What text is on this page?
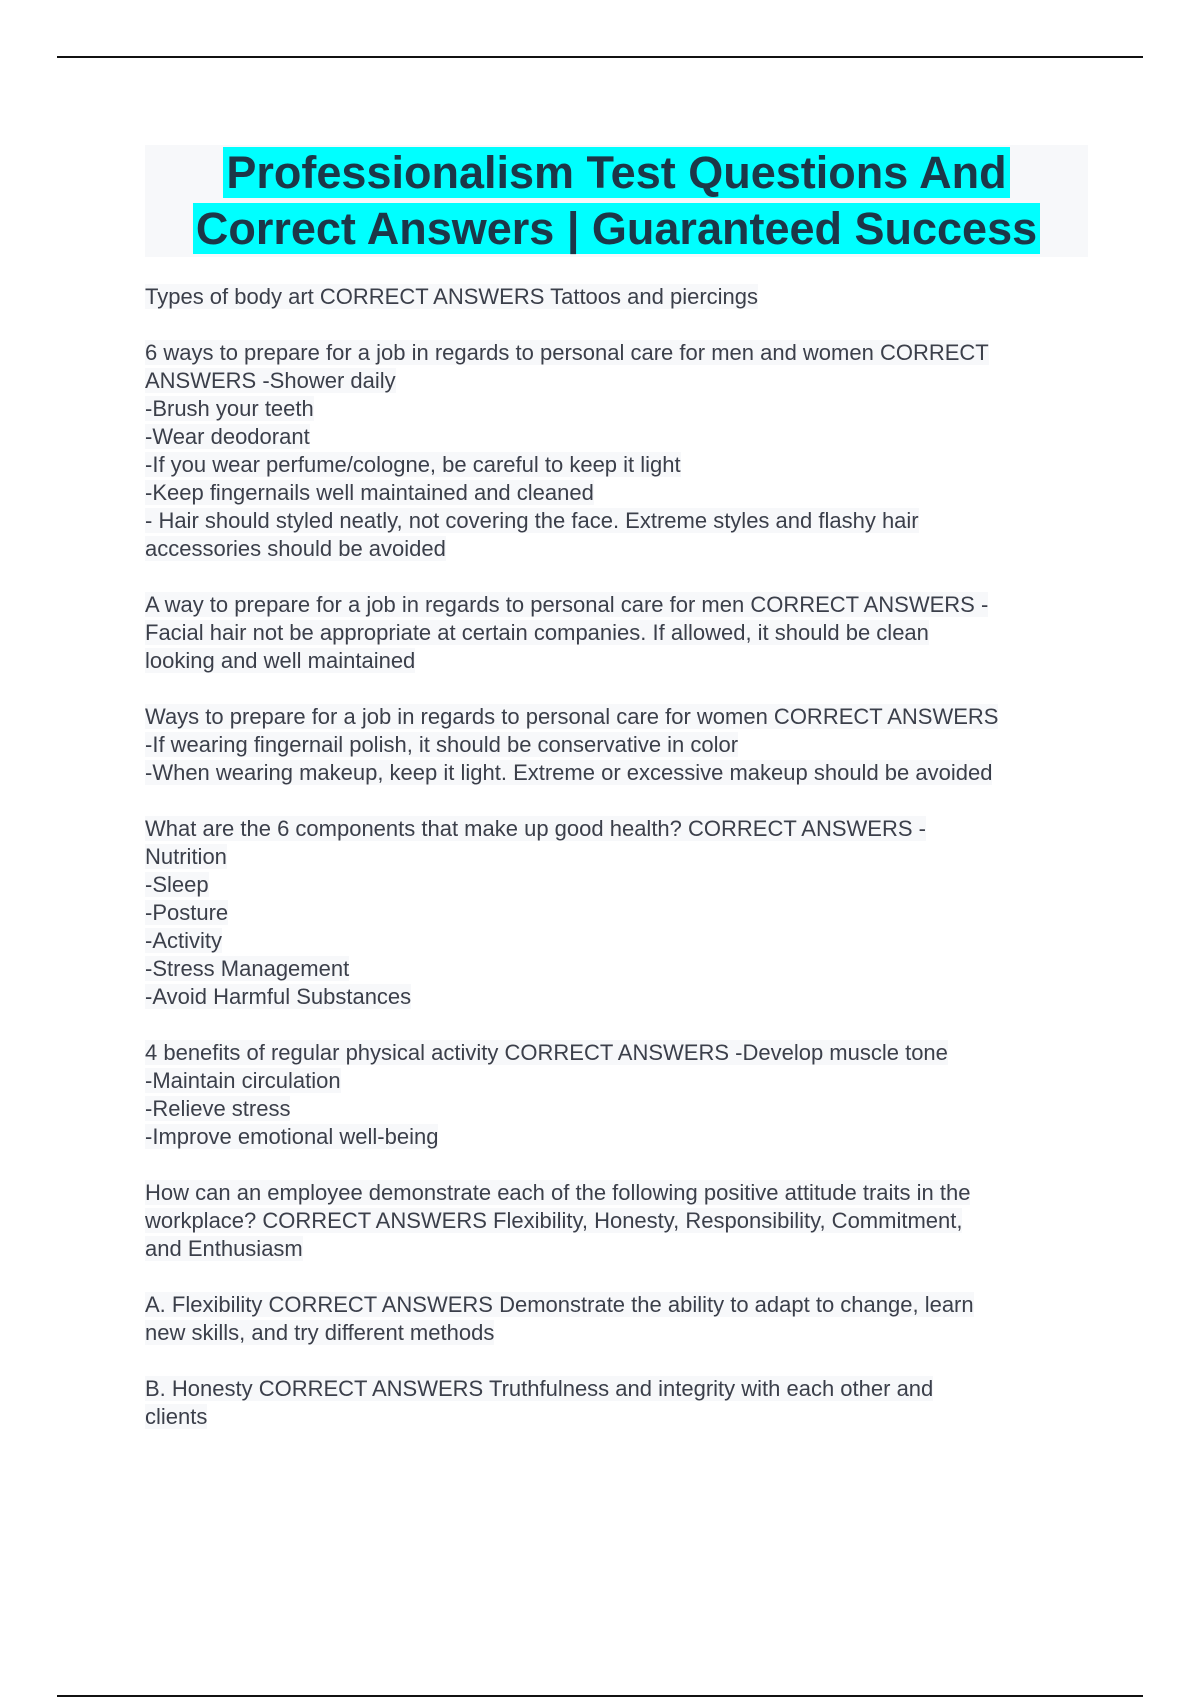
Professionalism Test Questions And
Correct Answers | Guaranteed Success

Types of body art CORRECT ANSWERS Tattoos and piercings

6 ways to prepare for a job in regards to personal care for men and women CORRECT
ANSWERS -Shower daily
-Brush your teeth
-Wear deodorant
-If you wear perfume/cologne, be careful to keep it light
-Keep fingernails well maintained and cleaned
- Hair should styled neatly, not covering the face. Extreme styles and flashy hair
accessories should be avoided

A way to prepare for a job in regards to personal care for men CORRECT ANSWERS -
Facial hair not be appropriate at certain companies. If allowed, it should be clean
looking and well maintained

Ways to prepare for a job in regards to personal care for women CORRECT ANSWERS
-If wearing fingernail polish, it should be conservative in color
-When wearing makeup, keep it light. Extreme or excessive makeup should be avoided

What are the 6 components that make up good health? CORRECT ANSWERS -
Nutrition
-Sleep
-Posture
-Activity
-Stress Management
-Avoid Harmful Substances

4 benefits of regular physical activity CORRECT ANSWERS -Develop muscle tone
-Maintain circulation
-Relieve stress
-Improve emotional well-being

How can an employee demonstrate each of the following positive attitude traits in the
workplace? CORRECT ANSWERS Flexibility, Honesty, Responsibility, Commitment,
and Enthusiasm

A. Flexibility CORRECT ANSWERS Demonstrate the ability to adapt to change, learn
new skills, and try different methods

B. Honesty CORRECT ANSWERS Truthfulness and integrity with each other and
clients
